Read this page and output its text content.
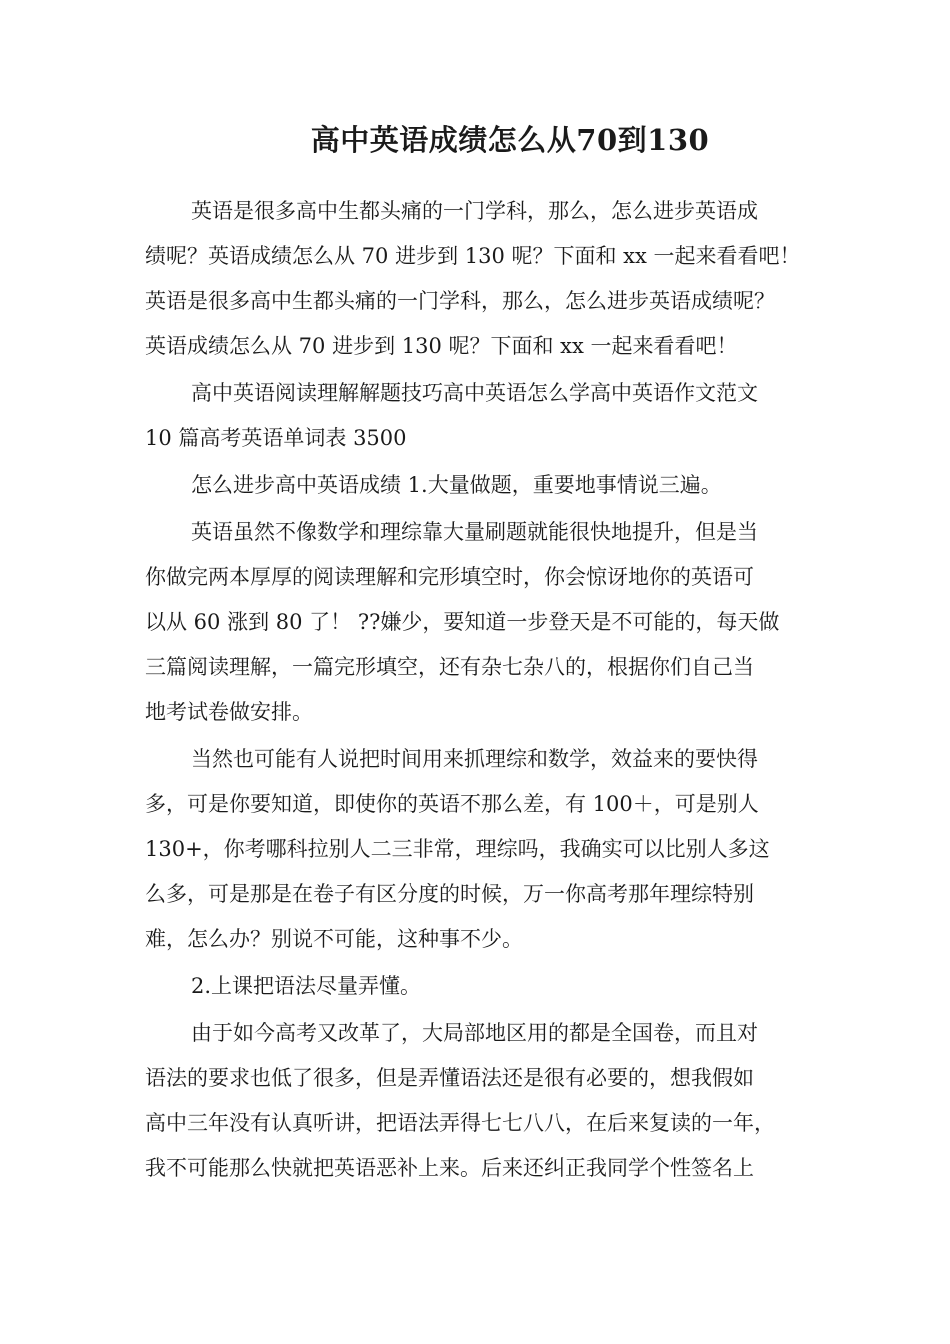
高中英语成绩怎么从70到130
英语是很多高中生都头痛的一门学科，那么，怎么进步英语成
绩呢？英语成绩怎么从 70 进步到 130 呢？下面和 xx 一起来看看吧！
英语是很多高中生都头痛的一门学科，那么，怎么进步英语成绩呢？
英语成绩怎么从 70 进步到 130 呢？下面和 xx 一起来看看吧！
高中英语阅读理解解题技巧高中英语怎么学高中英语作文范文
10 篇高考英语单词表 3500
怎么进步高中英语成绩 1.大量做题，重要地事情说三遍。
英语虽然不像数学和理综靠大量刷题就能很快地提升，但是当
你做完两本厚厚的阅读理解和完形填空时，你会惊讶地你的英语可
以从 60 涨到 80 了！ ??嫌少，要知道一步登天是不可能的，每天做
三篇阅读理解，一篇完形填空，还有杂七杂八的，根据你们自己当
地考试卷做安排。
当然也可能有人说把时间用来抓理综和数学，效益来的要快得
多，可是你要知道，即使你的英语不那么差，有 100＋，可是别人
130+，你考哪科拉别人二三非常，理综吗，我确实可以比别人多这
么多，可是那是在卷子有区分度的时候，万一你高考那年理综特别
难，怎么办？别说不可能，这种事不少。
2.上课把语法尽量弄懂。
由于如今高考又改革了，大局部地区用的都是全国卷，而且对
语法的要求也低了很多，但是弄懂语法还是很有必要的，想我假如
高中三年没有认真听讲，把语法弄得七七八八，在后来复读的一年，
我不可能那么快就把英语恶补上来。后来还纠正我同学个性签名上
